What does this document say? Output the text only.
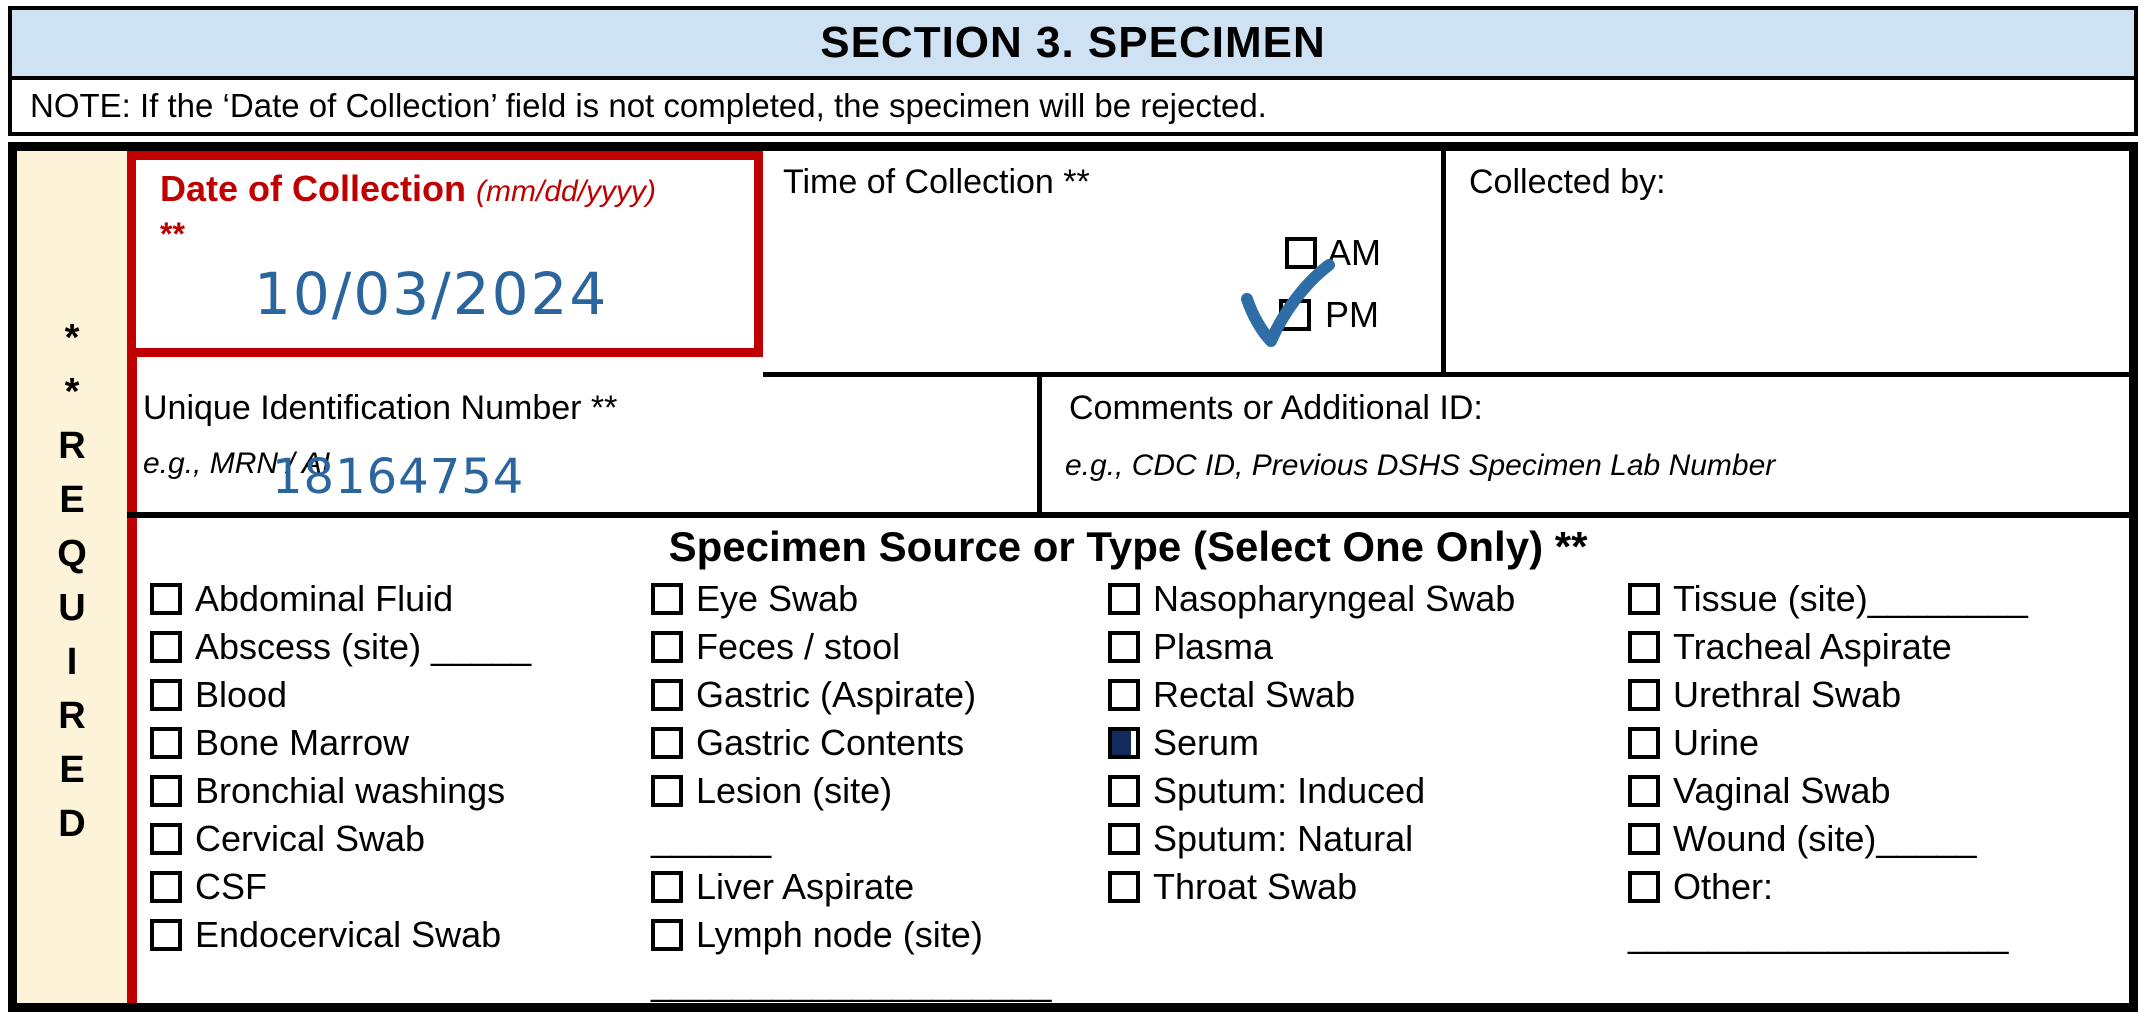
SECTION 3. SPECIMEN
NOTE: If the ‘Date of Collection’ field is not completed, the specimen will be rejected.
*
*
R
E
Q
U
I
R
E
D
Date of Collection (mm/dd/yyyy)
**
10/03/2024
Time of Collection **
AM
PM
Collected by:
Unique Identification Number **
e.g., MRN / AI
18164754
Comments or Additional ID:
e.g., CDC ID, Previous DSHS Specimen Lab Number
Specimen Source or Type (Select One Only) **
Abdominal Fluid
Abscess (site) _____
Blood
Bone Marrow
Bronchial washings
Cervical Swab
CSF
Endocervical Swab
Eye Swab
Feces / stool
Gastric (Aspirate)
Gastric Contents
Lesion (site)
______
Liver Aspirate
Lymph node (site)
____________________
Nasopharyngeal Swab
Plasma
Rectal Swab
Serum
Sputum: Induced
Sputum: Natural
Throat Swab
Tissue (site)________
Tracheal Aspirate
Urethral Swab
Urine
Vaginal Swab
Wound (site)_____
Other:
___________________
